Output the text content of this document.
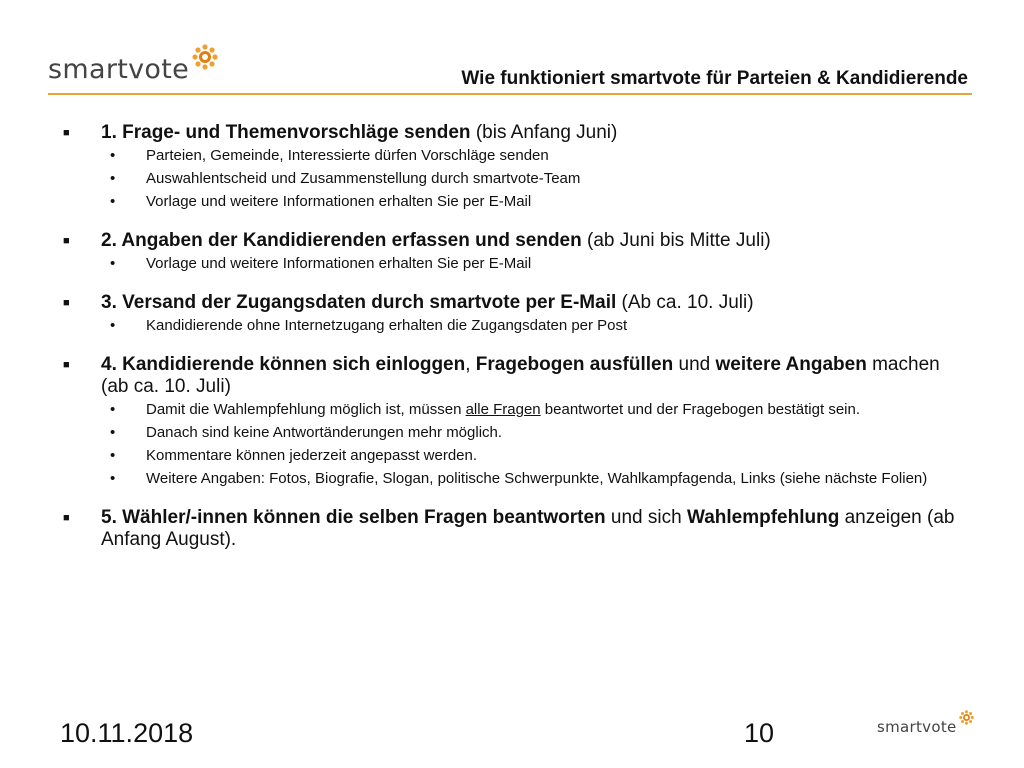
smartvote	Wie funktioniert smartvote für Parteien & Kandidierende
■	1. Frage- und Themenvorschläge senden (bis Anfang Juni)
•	Parteien, Gemeinde, Interessierte dürfen Vorschläge senden
•	Auswahlentscheid und Zusammenstellung durch smartvote-Team
•	Vorlage und weitere Informationen erhalten Sie per E-Mail
■	2. Angaben der Kandidierenden erfassen und senden (ab Juni bis Mitte Juli)
•	Vorlage und weitere Informationen erhalten Sie per E-Mail
■	3. Versand der Zugangsdaten durch smartvote per E-Mail (Ab ca. 10. Juli)
•	Kandidierende ohne Internetzugang erhalten die Zugangsdaten per Post
■	4. Kandidierende können sich einloggen, Fragebogen ausfüllen und weitere Angaben machen (ab ca. 10. Juli)
•	Damit die Wahlempfehlung möglich ist, müssen alle Fragen beantwortet und der Fragebogen bestätigt sein.
•	Danach sind keine Antwortänderungen mehr möglich.
•	Kommentare können jederzeit angepasst werden.
•	Weitere Angaben: Fotos, Biografie, Slogan, politische Schwerpunkte, Wahlkampfagenda, Links (siehe nächste Folien)
■	5. Wähler/-innen können die selben Fragen beantworten und sich Wahlempfehlung anzeigen (ab Anfang August).
10.11.2018	10	smartvote
